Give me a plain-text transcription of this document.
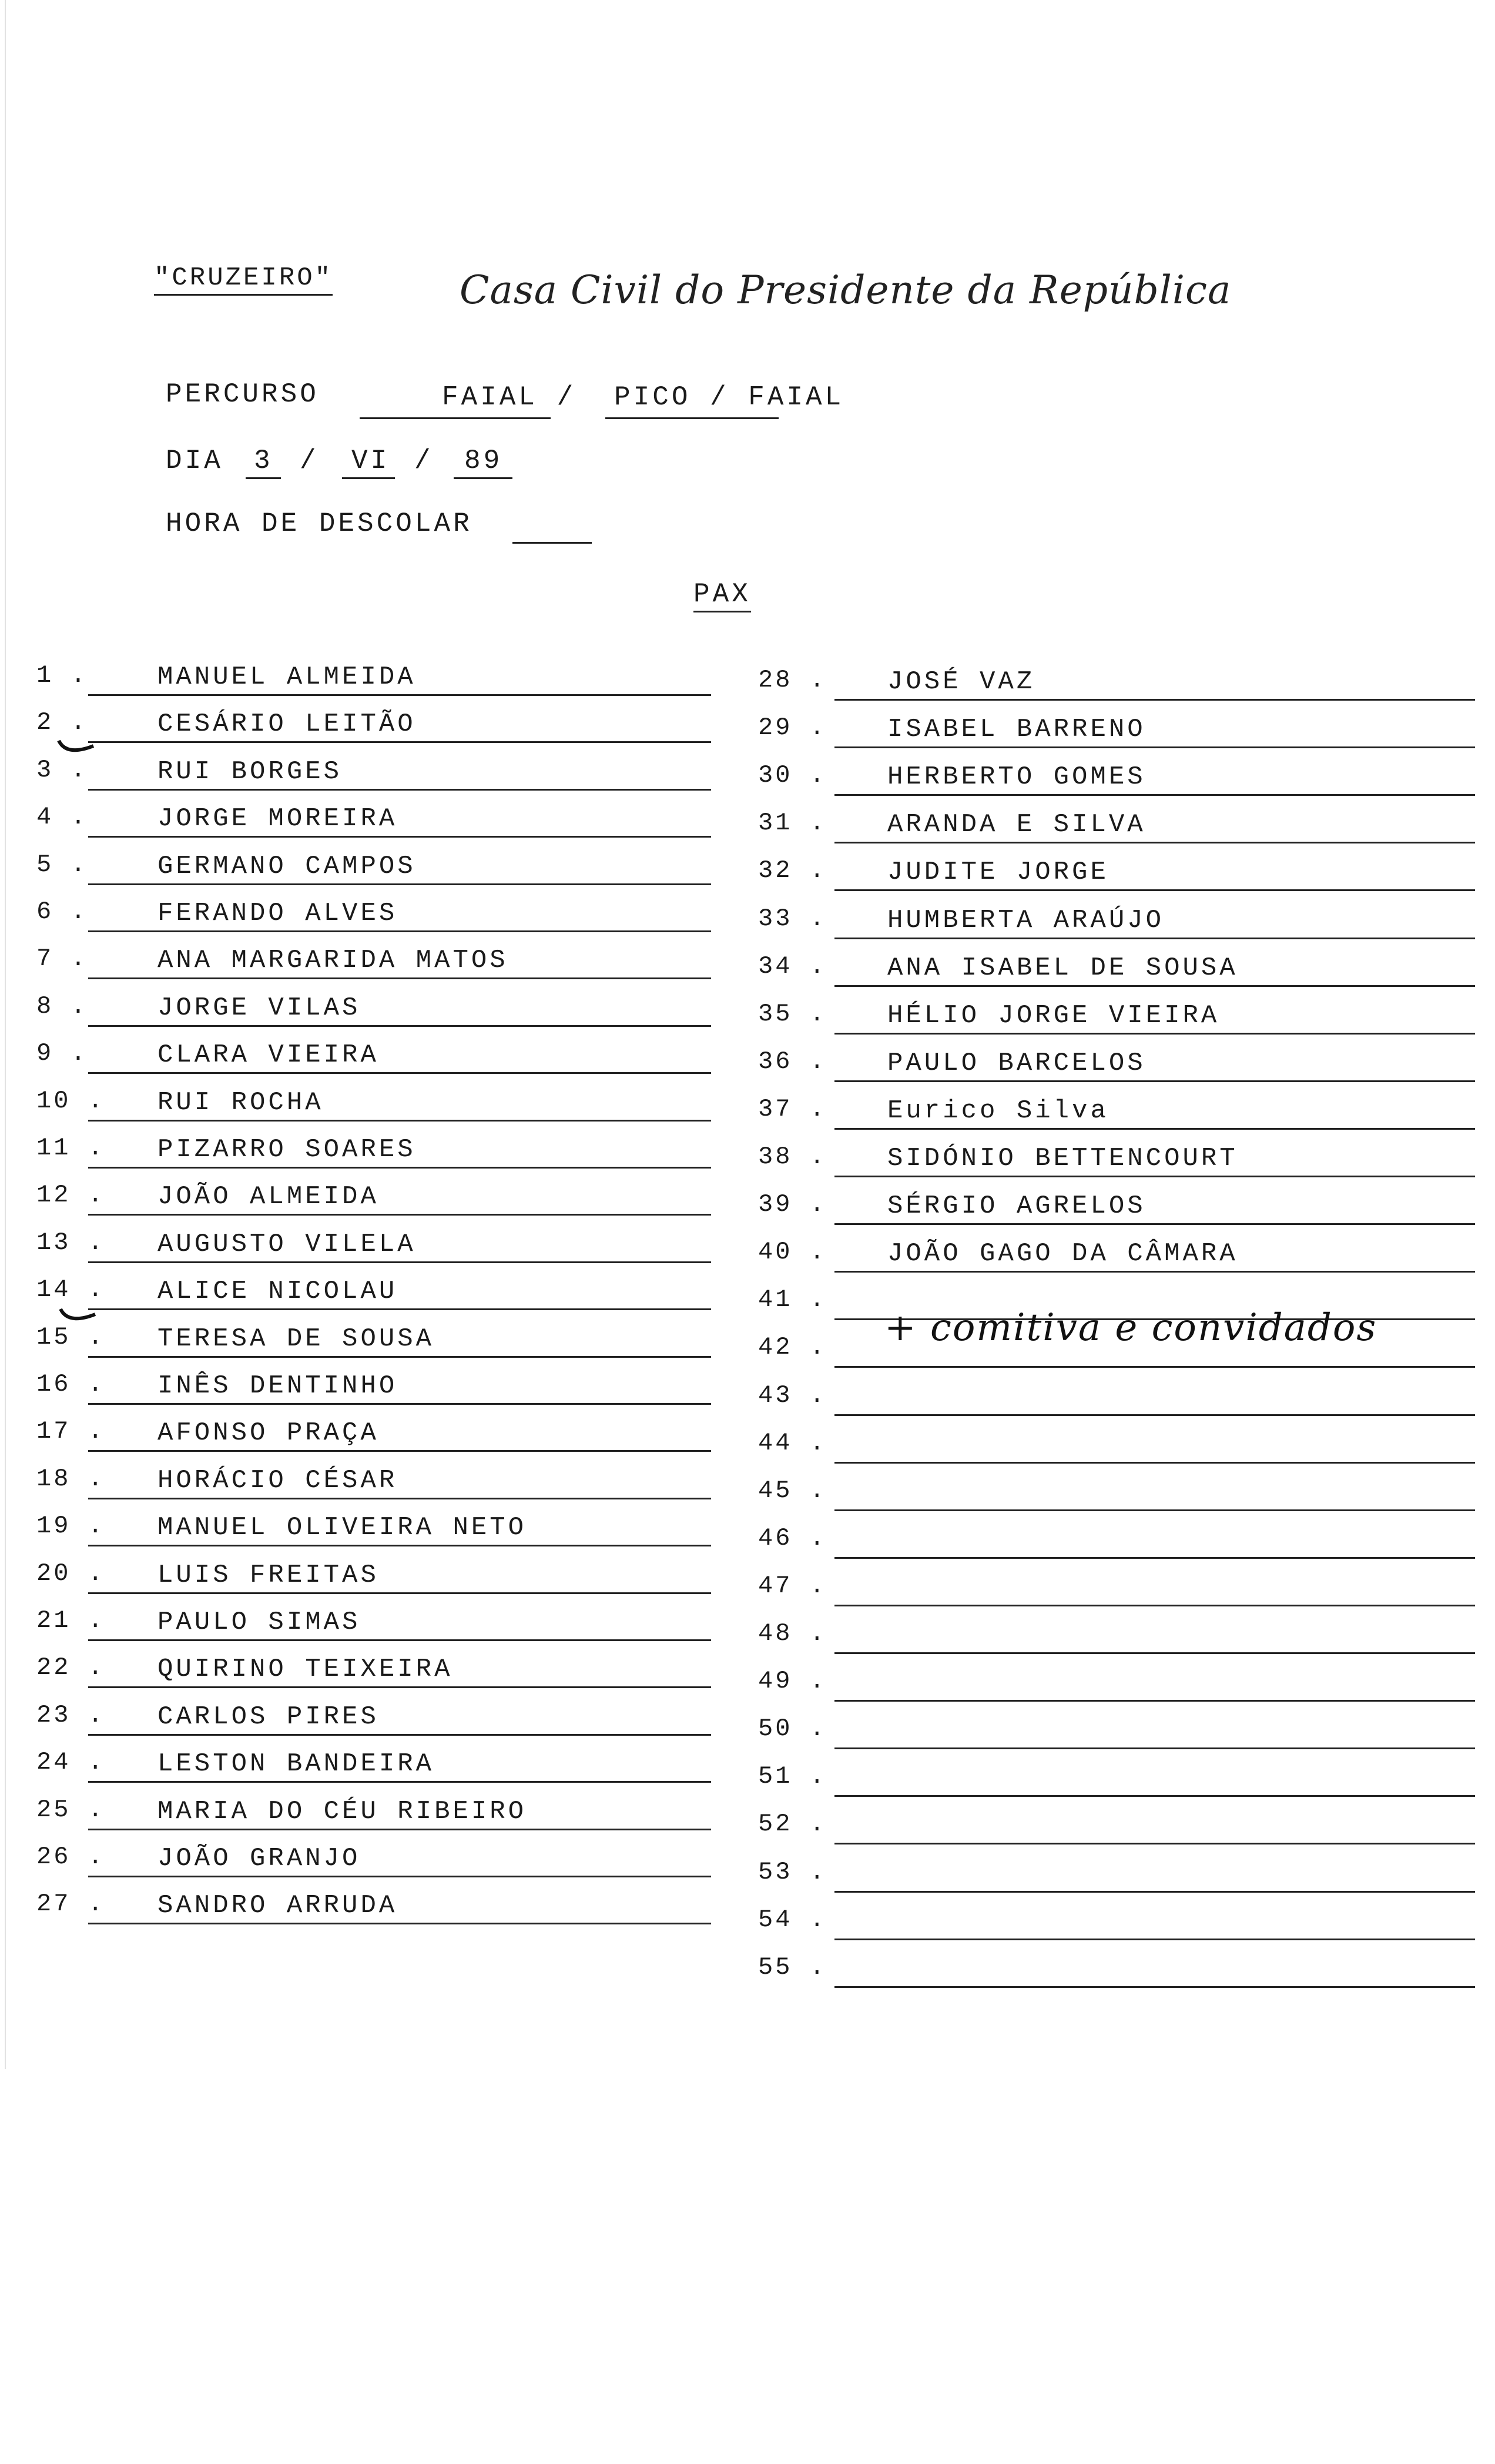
"CRUZEIRO"	Casa Civil do Presidente da República
PERCURSO	FAIAL / PICO / FAIAL
DIA 3 / VI / 89
HORA DE DESCOLAR
PAX
1 .	MANUEL ALMEIDA
2 .	CESÁRIO LEITÃO
3 .	RUI BORGES
4 .	JORGE MOREIRA
5 .	GERMANO CAMPOS
6 .	FERANDO ALVES
7 .	ANA MARGARIDA MATOS
8 .	JORGE VILAS
9 .	CLARA VIEIRA
10 . RUI ROCHA
11 . PIZARRO SOARES
12 . JOÃO ALMEIDA
13 . AUGUSTO VILELA
14 . ALICE NICOLAU
15 . TERESA DE SOUSA
16 . INÊS DENTINHO
17 . AFONSO PRAÇA
18 . HORÁCIO CÉSAR
19 . MANUEL OLIVEIRA NETO
20 . LUIS FREITAS
21 . PAULO SIMAS
22 . QUIRINO TEIXEIRA
23 . CARLOS PIRES
24 . LESTON BANDEIRA
25 . MARIA DO CÉU RIBEIRO
26 . JOÃO GRANJO
27 . SANDRO ARRUDA
28 . JOSÉ VAZ
29 . ISABEL BARRENO
30 . HERBERTO GOMES
31 . ARANDA E SILVA
32 . JUDITE JORGE
33 . HUMBERTA ARAÚJO
34 . ANA ISABEL DE SOUSA
35 . HÉLIO JORGE VIEIRA
36 . PAULO BARCELOS
37 . Eurico Silva
38 . SIDÓNIO BETTENCOURT
39 . SÉRGIO AGRELOS
40 . JOÃO GAGO DA CÂMARA
41 .
42 .
43 .
44 .
45 .
46 .
47 .
48 .
49 .
50 .
51 .
52 .
53 .
54 .
55 .
+ comitiva e convidados
